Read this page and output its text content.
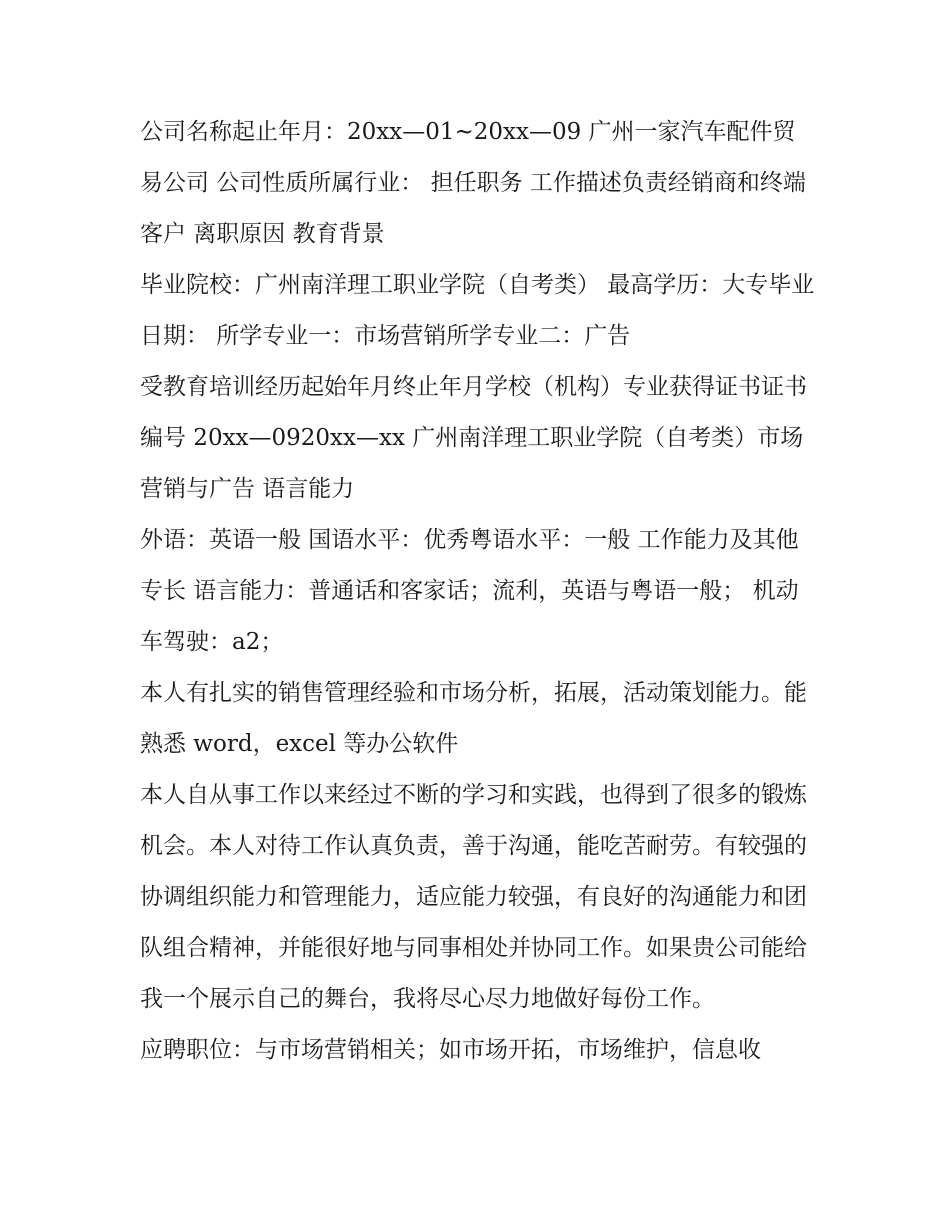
公司名称起止年月：20xx—01~20xx—09 广州一家汽车配件贸易公司 公司性质所属行业： 担任职务 工作描述负责经销商和终端客户 离职原因 教育背景

毕业院校：广州南洋理工职业学院（自考类） 最高学历：大专毕业日期： 所学专业一：市场营销所学专业二：广告

受教育培训经历起始年月终止年月学校（机构）专业获得证书证书编号 20xx—0920xx—xx 广州南洋理工职业学院（自考类）市场营销与广告 语言能力

外语：英语一般 国语水平：优秀粤语水平：一般 工作能力及其他专长 语言能力：普通话和客家话；流利，英语与粤语一般； 机动车驾驶：a2；

本人有扎实的销售管理经验和市场分析，拓展，活动策划能力。能熟悉 word，excel 等办公软件

本人自从事工作以来经过不断的学习和实践，也得到了很多的锻炼机会。本人对待工作认真负责，善于沟通，能吃苦耐劳。有较强的协调组织能力和管理能力，适应能力较强，有良好的沟通能力和团队组合精神，并能很好地与同事相处并协同工作。如果贵公司能给我一个展示自己的舞台，我将尽心尽力地做好每份工作。

应聘职位：与市场营销相关；如市场开拓，市场维护，信息收
